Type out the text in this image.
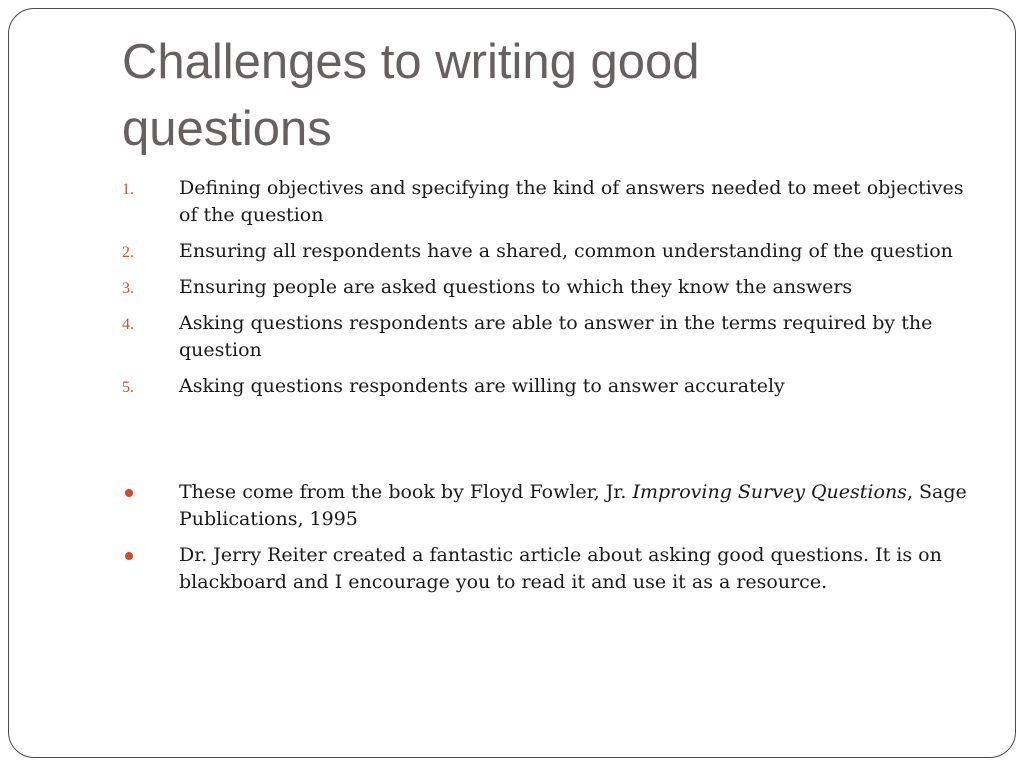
Challenges to writing good questions
1. Defining objectives and specifying the kind of answers needed to meet objectives of the question
2. Ensuring all respondents have a shared, common understanding of the question
3. Ensuring people are asked questions to which they know the answers
4. Asking questions respondents are able to answer in the terms required by the question
5. Asking questions respondents are willing to answer accurately
These come from the book by Floyd Fowler, Jr. Improving Survey Questions, Sage Publications, 1995
Dr. Jerry Reiter created a fantastic article about asking good questions. It is on blackboard and I encourage you to read it and use it as a resource.
